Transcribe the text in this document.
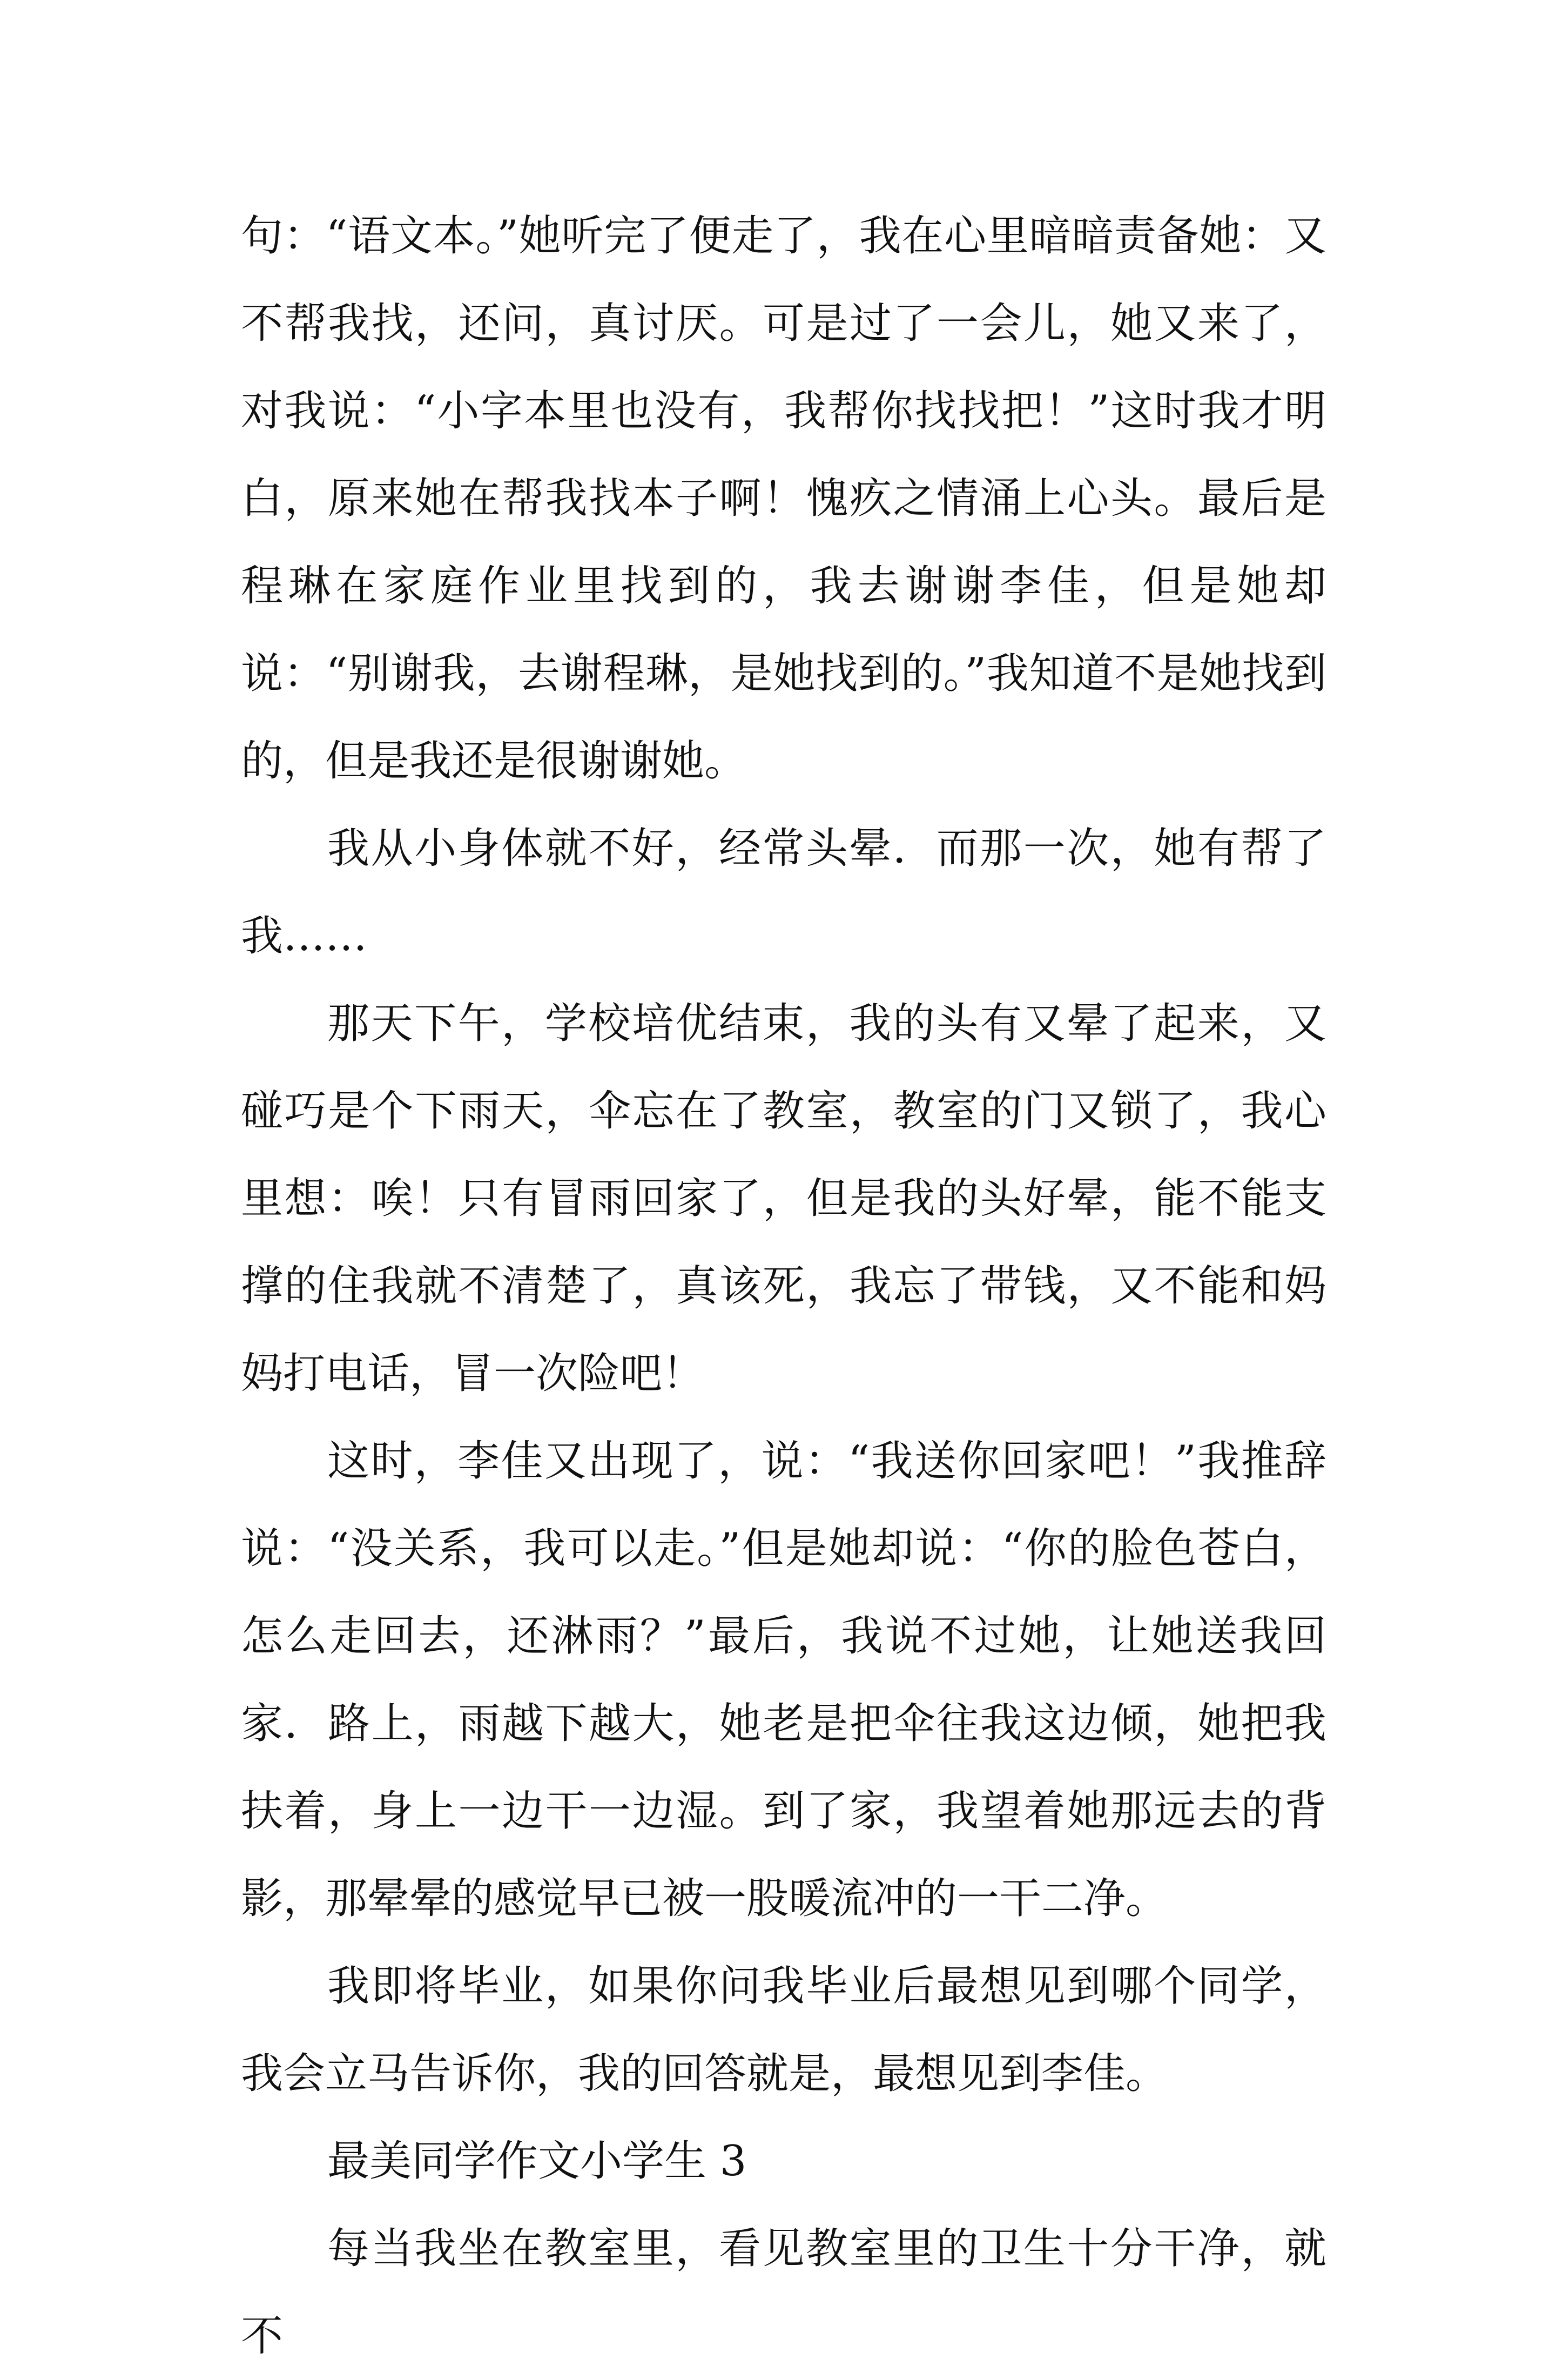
句：“语文本。”她听完了便走了，我在心里暗暗责备她：又不帮我找，还问，真讨厌。可是过了一会儿，她又来了，对我说：“小字本里也没有，我帮你找找把！”这时我才明白，原来她在帮我找本子啊！愧疚之情涌上心头。最后是程琳在家庭作业里找到的，我去谢谢李佳，但是她却说：“别谢我，去谢程琳，是她找到的。”我知道不是她找到的，但是我还是很谢谢她。

我从小身体就不好，经常头晕．而那一次，她有帮了我……

那天下午，学校培优结束，我的头有又晕了起来，又碰巧是个下雨天，伞忘在了教室，教室的门又锁了，我心里想：唉！只有冒雨回家了，但是我的头好晕，能不能支撑的住我就不清楚了，真该死，我忘了带钱，又不能和妈妈打电话，冒一次险吧！

这时，李佳又出现了，说：“我送你回家吧！”我推辞说：“没关系，我可以走。”但是她却说：“你的脸色苍白，怎么走回去，还淋雨？”最后，我说不过她，让她送我回家．路上，雨越下越大，她老是把伞往我这边倾，她把我扶着，身上一边干一边湿。到了家，我望着她那远去的背影，那晕晕的感觉早已被一股暖流冲的一干二净。

我即将毕业，如果你问我毕业后最想见到哪个同学，我会立马告诉你，我的回答就是，最想见到李佳。

最美同学作文小学生 3

每当我坐在教室里，看见教室里的卫生十分干净，就不
